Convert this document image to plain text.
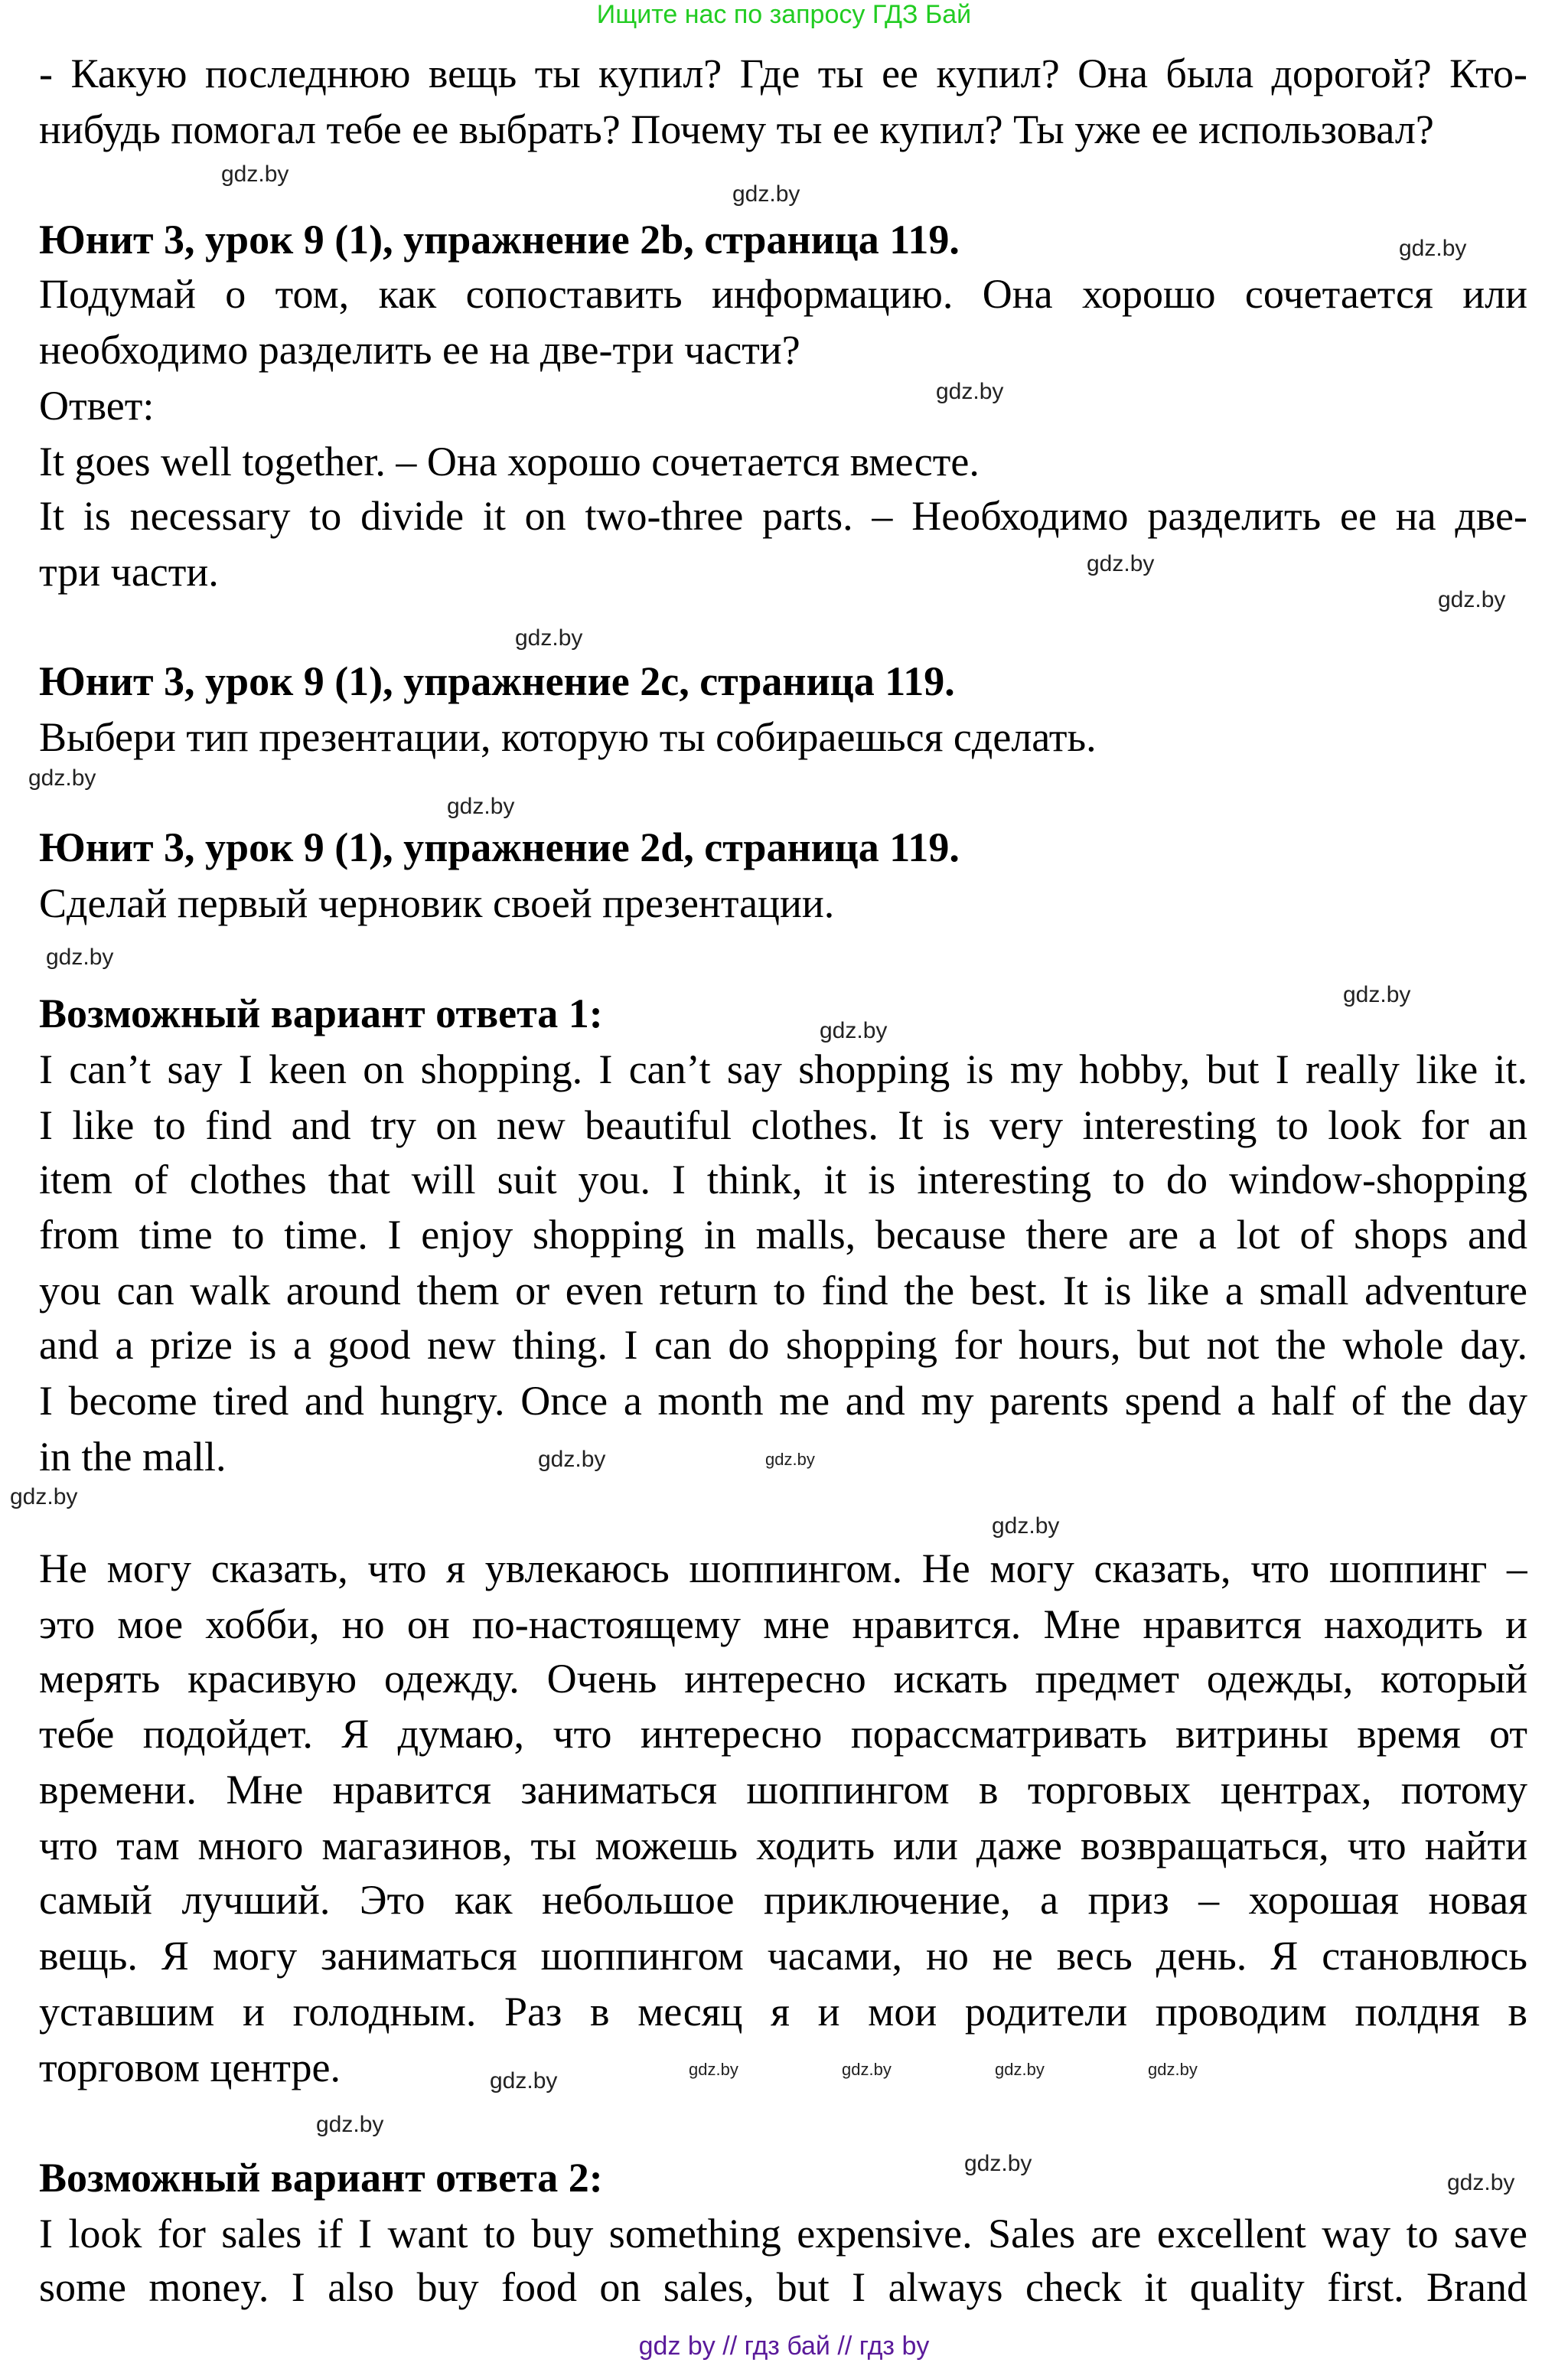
Ищите нас по запросу ГДЗ Бай
- Какую последнюю вещь ты купил? Где ты ее купил? Она была дорогой? Кто-
нибудь помогал тебе ее выбрать? Почему ты ее купил? Ты уже ее использовал?
Юнит 3, урок 9 (1), упражнение 2b, страница 119.
Подумай о том, как сопоставить информацию. Она хорошо сочетается или
необходимо разделить ее на две-три части?
Ответ:
It goes well together. – Она хорошо сочетается вместе.
It is necessary to divide it on two-three parts. – Необходимо разделить ее на две-
три части.
Юнит 3, урок 9 (1), упражнение 2c, страница 119.
Выбери тип презентации, которую ты собираешься сделать.
Юнит 3, урок 9 (1), упражнение 2d, страница 119.
Сделай первый черновик своей презентации.
Возможный вариант ответа 1:
I can’t say I keen on shopping. I can’t say shopping is my hobby, but I really like it.
I like to find and try on new beautiful clothes. It is very interesting to look for an
item of clothes that will suit you. I think, it is interesting to do window-shopping
from time to time. I enjoy shopping in malls, because there are a lot of shops and
you can walk around them or even return to find the best. It is like a small adventure
and a prize is a good new thing. I can do shopping for hours, but not the whole day.
I become tired and hungry. Once a month me and my parents spend a half of the day
in the mall.
Не могу сказать, что я увлекаюсь шоппингом. Не могу сказать, что шоппинг –
это мое хобби, но он по-настоящему мне нравится. Мне нравится находить и
мерять красивую одежду. Очень интересно искать предмет одежды, который
тебе подойдет. Я думаю, что интересно порассматривать витрины время от
времени. Мне нравится заниматься шоппингом в торговых центрах, потому
что там много магазинов, ты можешь ходить или даже возвращаться, что найти
самый лучший. Это как небольшое приключение, а приз – хорошая новая
вещь. Я могу заниматься шоппингом часами, но не весь день. Я становлюсь
уставшим и голодным. Раз в месяц я и мои родители проводим полдня в
торговом центре.
Возможный вариант ответа 2:
I look for sales if I want to buy something expensive. Sales are excellent way to save
some money. I also buy food on sales, but I always check it quality first. Brand
gdz.by
gdz.by
gdz.by
gdz.by
gdz.by
gdz.by
gdz.by
gdz.by
gdz.by
gdz.by
gdz.by
gdz.by
gdz.by
gdz.by
gdz.by
gdz.by
gdz.by	gdz.by	gdz.by	gdz.by
gdz.by
gdz.by
gdz.by
gdz.by
gdz by // гдз бай // гдз by
